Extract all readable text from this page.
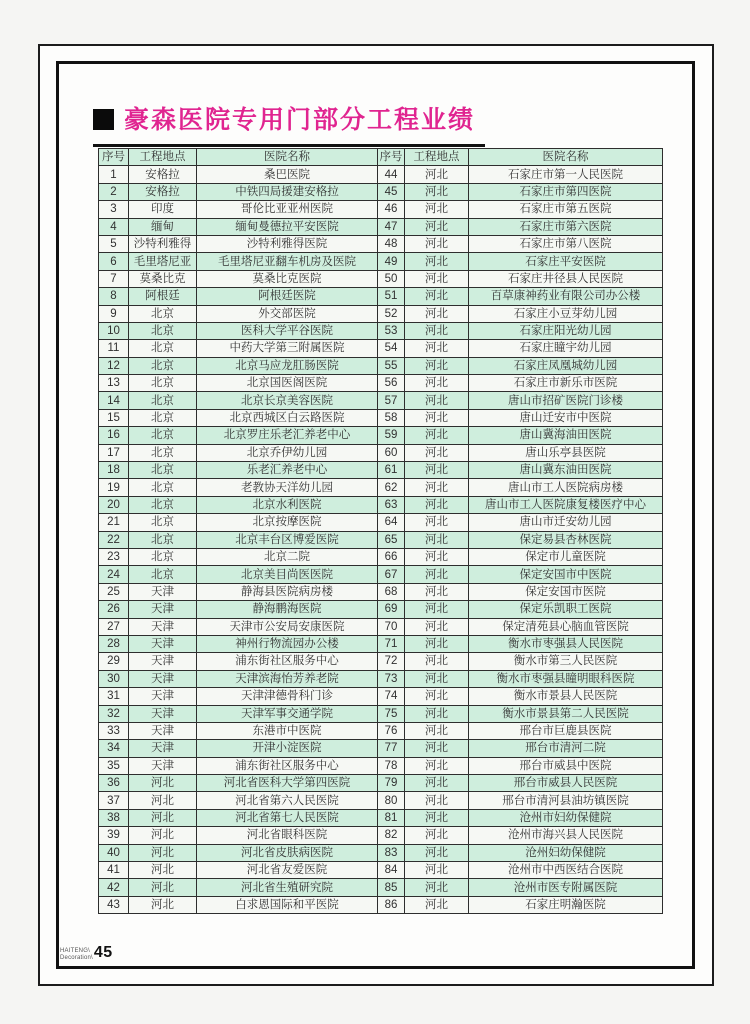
豪森医院专用门部分工程业绩
序号	工程地点	医院名称	序号	工程地点	医院名称
1	安格拉	桑巴医院	44	河北	石家庄市第一人民医院
2	安格拉	中铁四局援建安格拉	45	河北	石家庄市第四医院
3	印度	哥伦比亚亚州医院	46	河北	石家庄市第五医院
4	缅甸	缅甸曼德拉平安医院	47	河北	石家庄市第六医院
5	沙特利雅得	沙特利雅得医院	48	河北	石家庄市第八医院
6	毛里塔尼亚	毛里塔尼亚翻车机房及医院	49	河北	石家庄平安医院
7	莫桑比克	莫桑比克医院	50	河北	石家庄井径县人民医院
8	阿根廷	阿根廷医院	51	河北	百草康神药业有限公司办公楼
9	北京	外交部医院	52	河北	石家庄小豆芽幼儿园
10	北京	医科大学平谷医院	53	河北	石家庄阳光幼儿园
11	北京	中药大学第三附属医院	54	河北	石家庄瞳宇幼儿园
12	北京	北京马应龙肛肠医院	55	河北	石家庄凤凰城幼儿园
13	北京	北京国医阁医院	56	河北	石家庄市新乐市医院
14	北京	北京长京美容医院	57	河北	唐山市招矿医院门诊楼
15	北京	北京西城区白云路医院	58	河北	唐山迁安市中医院
16	北京	北京罗庄乐老汇养老中心	59	河北	唐山冀海油田医院
17	北京	北京乔伊幼儿园	60	河北	唐山乐亭县医院
18	北京	乐老汇养老中心	61	河北	唐山冀东油田医院
19	北京	老教协天洋幼儿园	62	河北	唐山市工人医院病房楼
20	北京	北京水利医院	63	河北	唐山市工人医院康复楼医疗中心
21	北京	北京按摩医院	64	河北	唐山市迁安幼儿园
22	北京	北京丰台区博爱医院	65	河北	保定易县杏林医院
23	北京	北京二院	66	河北	保定市儿童医院
24	北京	北京美目尚医医院	67	河北	保定安国市中医院
25	天津	静海县医院病房楼	68	河北	保定安国市医院
26	天津	静海鹏海医院	69	河北	保定乐凯职工医院
27	天津	天津市公安局安康医院	70	河北	保定清苑县心脑血管医院
28	天津	神州行物流园办公楼	71	河北	衡水市枣强县人民医院
29	天津	浦东街社区服务中心	72	河北	衡水市第三人民医院
30	天津	天津滨海怡芳养老院	73	河北	衡水市枣强县瞳明眼科医院
31	天津	天津津德骨科门诊	74	河北	衡水市景县人民医院
32	天津	天津军事交通学院	75	河北	衡水市景县第二人民医院
33	天津	东港市中医院	76	河北	邢台市巨鹿县医院
34	天津	开津小淀医院	77	河北	邢台市清河二院
35	天津	浦东街社区服务中心	78	河北	邢台市威县中医院
36	河北	河北省医科大学第四医院	79	河北	邢台市威县人民医院
37	河北	河北省第六人民医院	80	河北	邢台市清河县油坊镇医院
38	河北	河北省第七人民医院	81	河北	沧州市妇幼保健院
39	河北	河北省眼科医院	82	河北	沧州市海兴县人民医院
40	河北	河北省皮肤病医院	83	河北	沧州妇幼保健院
41	河北	河北省友爱医院	84	河北	沧州市中西医结合医院
42	河北	河北省生殖研究院	85	河北	沧州市医专附属医院
43	河北	白求恩国际和平医院	86	河北	石家庄明瀚医院
HAITENG\
Decoration\ 45
